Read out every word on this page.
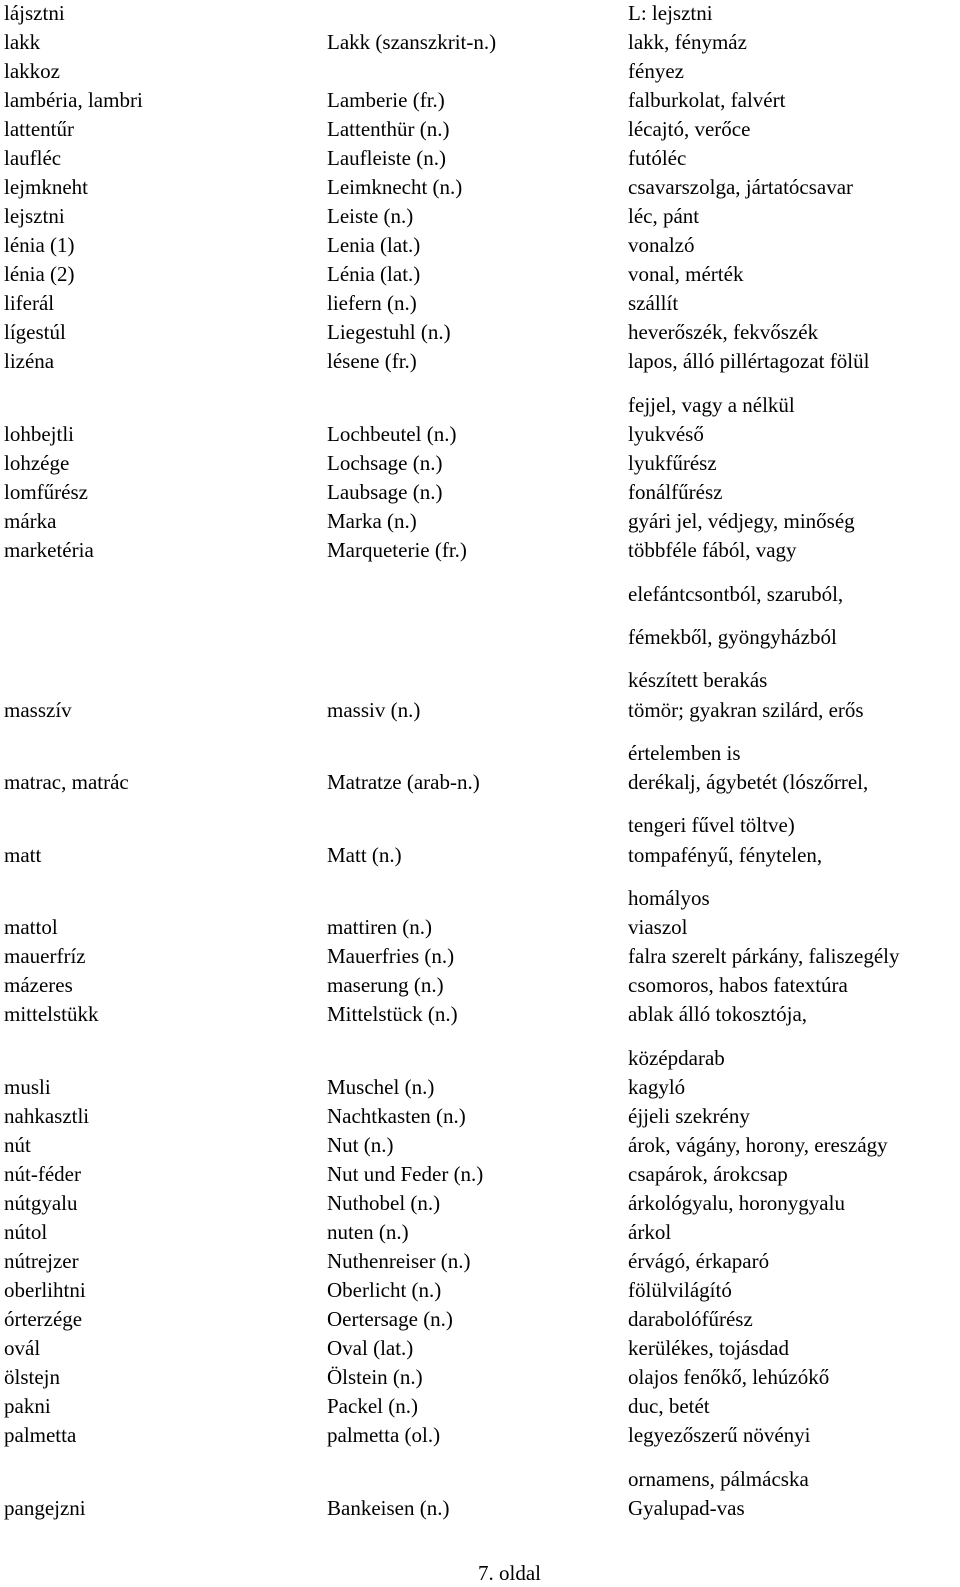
lájsztni	L: lejsztni
lakk	Lakk (szanszkrit-n.)	lakk, fénymáz
lakkoz	fényez
lambéria, lambri	Lamberie (fr.)	falburkolat, falvért
lattentűr	Lattenthür (n.)	lécajtó, verőce
laufléc	Laufleiste (n.)	futóléc
lejmkneht	Leimknecht (n.)	csavarszolga, jártatócsavar
lejsztni	Leiste (n.)	léc, pánt
lénia (1)	Lenia (lat.)	vonalzó
lénia (2)	Lénia (lat.)	vonal, mérték
liferál	liefern (n.)	szállít
lígestúl	Liegestuhl (n.)	heverőszék, fekvőszék
lizéna	lésene (fr.)	lapos, álló pillértagozat fölül
fejjel, vagy a nélkül
lohbejtli	Lochbeutel (n.)	lyukvéső
lohzége	Lochsage (n.)	lyukfűrész
lomfűrész	Laubsage (n.)	fonálfűrész
márka	Marka (n.)	gyári jel, védjegy, minőség
marketéria	Marqueterie (fr.)	többféle fából, vagy
elefántcsontból, szaruból,
fémekből, gyöngyházból
készített berakás
masszív	massiv (n.)	tömör; gyakran szilárd, erős
értelemben is
matrac, matrác	Matratze (arab-n.)	derékalj, ágybetét (lószőrrel,
tengeri fűvel töltve)
matt	Matt (n.)	tompafényű, fénytelen,
homályos
mattol	mattiren (n.)	viaszol
mauerfríz	Mauerfries (n.)	falra szerelt párkány, faliszegély
mázeres	maserung (n.)	csomoros, habos fatextúra
mittelstükk	Mittelstück (n.)	ablak álló tokosztója,
középdarab
musli	Muschel (n.)	kagyló
nahkasztli	Nachtkasten (n.)	éjjeli szekrény
nút	Nut (n.)	árok, vágány, horony, ereszágy
nút-féder	Nut und Feder (n.)	csapárok, árokcsap
nútgyalu	Nuthobel (n.)	árkológyalu, horonygyalu
nútol	nuten (n.)	árkol
nútrejzer	Nuthenreiser (n.)	érvágó, érkaparó
oberlihtni	Oberlicht (n.)	fölülvilágító
órterzége	Oertersage (n.)	darabolófűrész
ovál	Oval (lat.)	kerülékes, tojásdad
ölstejn	Ölstein (n.)	olajos fenőkő, lehúzókő
pakni	Packel (n.)	duc, betét
palmetta	palmetta (ol.)	legyezőszerű növényi
ornamens, pálmácska
pangejzni	Bankeisen (n.)	Gyalupad-vas
7. oldal
